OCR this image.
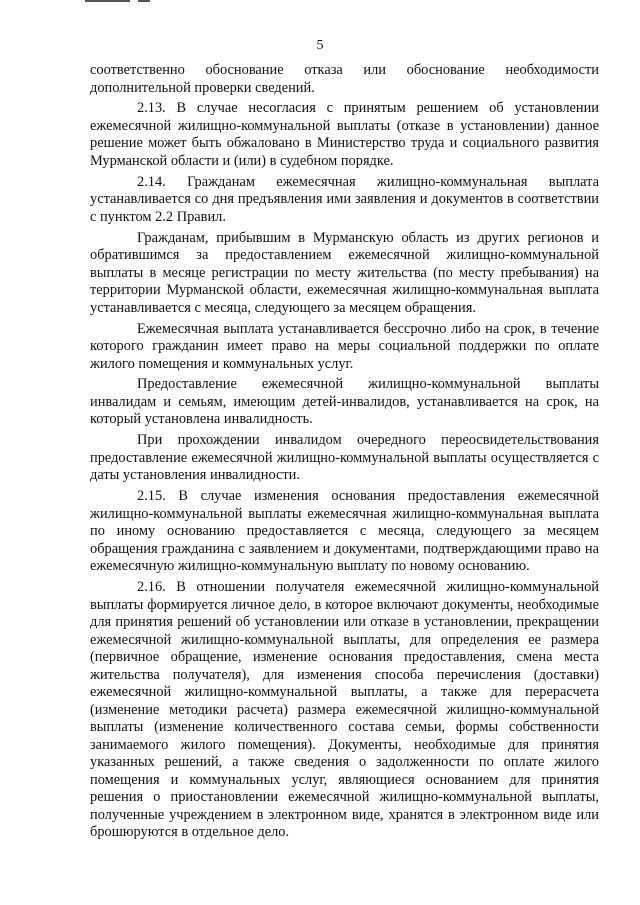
5

соответственно обоснование отказа или обоснование необходимости дополнительной проверки сведений.

2.13. В случае несогласия с принятым решением об установлении ежемесячной жилищно-коммунальной выплаты (отказе в установлении) данное решение может быть обжаловано в Министерство труда и социального развития Мурманской области и (или) в судебном порядке.

2.14. Гражданам ежемесячная жилищно-коммунальная выплата устанавливается со дня предъявления ими заявления и документов в соответствии с пунктом 2.2 Правил.

Гражданам, прибывшим в Мурманскую область из других регионов и обратившимся за предоставлением ежемесячной жилищно-коммунальной выплаты в месяце регистрации по месту жительства (по месту пребывания) на территории Мурманской области, ежемесячная жилищно-коммунальная выплата устанавливается с месяца, следующего за месяцем обращения.

Ежемесячная выплата устанавливается бессрочно либо на срок, в течение которого гражданин имеет право на меры социальной поддержки по оплате жилого помещения и коммунальных услуг.

Предоставление ежемесячной жилищно-коммунальной выплаты инвалидам и семьям, имеющим детей-инвалидов, устанавливается на срок, на который установлена инвалидность.

При прохождении инвалидом очередного переосвидетельствования предоставление ежемесячной жилищно-коммунальной выплаты осуществляется с даты установления инвалидности.

2.15. В случае изменения основания предоставления ежемесячной жилищно-коммунальной выплаты ежемесячная жилищно-коммунальная выплата по иному основанию предоставляется с месяца, следующего за месяцем обращения гражданина с заявлением и документами, подтверждающими право на ежемесячную жилищно-коммунальную выплату по новому основанию.

2.16. В отношении получателя ежемесячной жилищно-коммунальной выплаты формируется личное дело, в которое включают документы, необходимые для принятия решений об установлении или отказе в установлении, прекращении ежемесячной жилищно-коммунальной выплаты, для определения ее размера (первичное обращение, изменение основания предоставления, смена места жительства получателя), для изменения способа перечисления (доставки) ежемесячной жилищно-коммунальной выплаты, а также для перерасчета (изменение методики расчета) размера ежемесячной жилищно-коммунальной выплаты (изменение количественного состава семьи, формы собственности занимаемого жилого помещения). Документы, необходимые для принятия указанных решений, а также сведения о задолженности по оплате жилого помещения и коммунальных услуг, являющиеся основанием для принятия решения о приостановлении ежемесячной жилищно-коммунальной выплаты, полученные учреждением в электронном виде, хранятся в электронном виде или брошюруются в отдельное дело.
